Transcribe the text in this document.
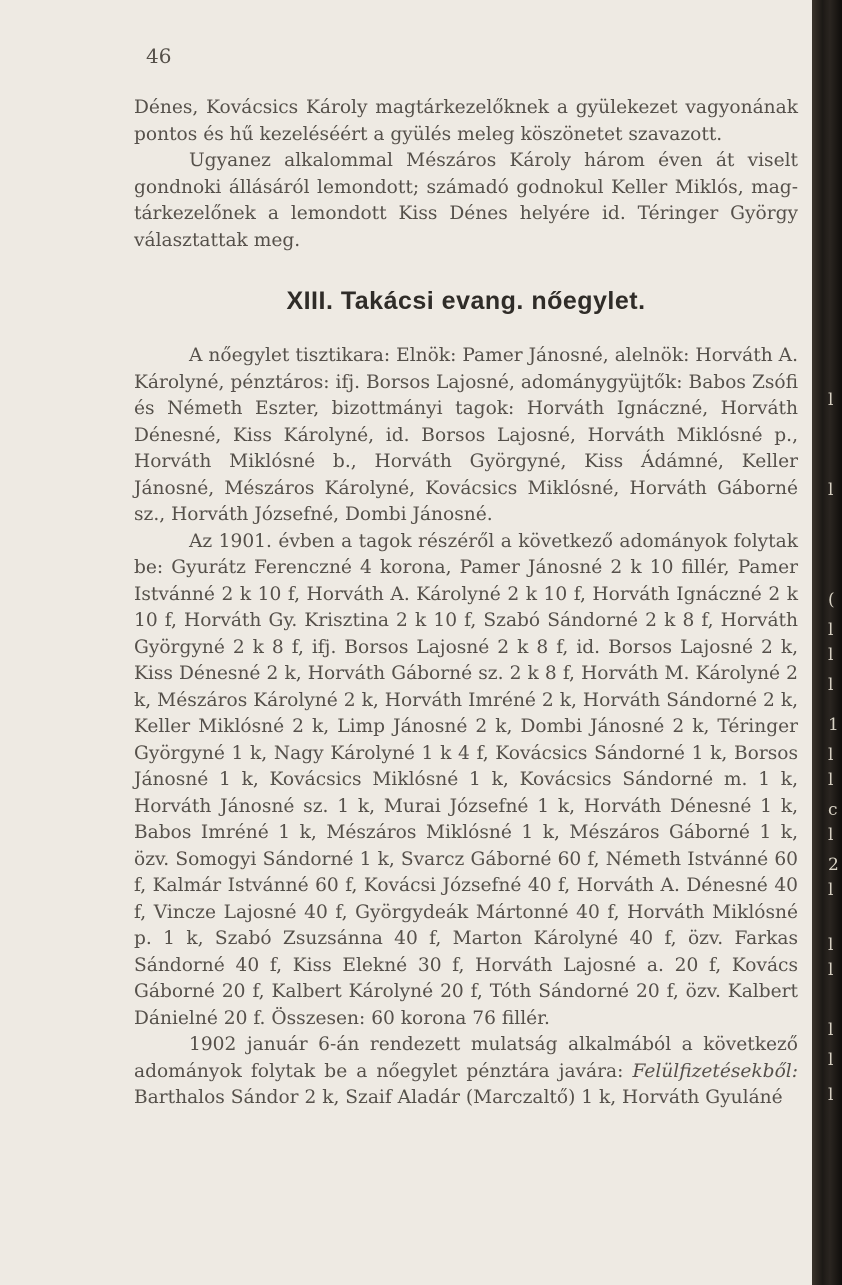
46

Dénes, Kovácsics Károly magtárkezelőknek a gyülekezet vagyonának pontos és hű kezeléséért a gyülés meleg köszönetet szavazott.

Ugyanez alkalommal Mészáros Károly három éven át viselt gondnoki állásáról lemondott; számadó godnokul Keller Miklós, magtárkezelőnek a lemondott Kiss Dénes helyére id. Téringer György választattak meg.

XIII. Takácsi evang. nőegylet.

A nőegylet tisztikara: Elnök: Pamer Jánosné, alelnök: Horváth A. Károlyné, pénztáros: ifj. Borsos Lajosné, adománygyüjtők: Babos Zsófi és Németh Eszter, bizottmányi tagok: Horváth Ignáczné, Horváth Dénesné, Kiss Károlyné, id. Borsos Lajosné, Horváth Miklósné p., Horváth Miklósné b., Horváth Györgyné, Kiss Ádámné, Keller Jánosné, Mészáros Károlyné, Kovácsics Miklósné, Horváth Gáborné sz., Horváth Józsefné, Dombi Jánosné.

Az 1901. évben a tagok részéről a következő adományok folytak be: Gyurátz Ferenczné 4 korona, Pamer Jánosné 2 k 10 fillér, Pamer Istvánné 2 k 10 f, Horváth A. Károlyné 2 k 10 f, Horváth Ignáczné 2 k 10 f, Horváth Gy. Krisztina 2 k 10 f, Szabó Sándorné 2 k 8 f, Horváth Györgyné 2 k 8 f, ifj. Borsos Lajosné 2 k 8 f, id. Borsos Lajosné 2 k, Kiss Dénesné 2 k, Horváth Gáborné sz. 2 k 8 f, Horváth M. Károlyné 2 k, Mészáros Károlyné 2 k, Horváth Imréné 2 k, Horváth Sándorné 2 k, Keller Miklósné 2 k, Limp Jánosné 2 k, Dombi Jánosné 2 k, Téringer Györgyné 1 k, Nagy Károlyné 1 k 4 f, Kovácsics Sándorné 1 k, Borsos Jánosné 1 k, Kovácsics Miklósné 1 k, Kovácsics Sándorné m. 1 k, Horváth Jánosné sz. 1 k, Murai Józsefné 1 k, Horváth Dénesné 1 k, Babos Imréné 1 k, Mészáros Miklósné 1 k, Mészáros Gáborné 1 k, özv. Somogyi Sándorné 1 k, Svarcz Gáborné 60 f, Németh Istvánné 60 f, Kalmár Istvánné 60 f, Kovácsi Józsefné 40 f, Horváth A. Dénesné 40 f, Vincze Lajosné 40 f, Györgydeák Mártonné 40 f, Horváth Miklósné p. 1 k, Szabó Zsuzsánna 40 f, Marton Károlyné 40 f, özv. Farkas Sándorné 40 f, Kiss Elekné 30 f, Horváth Lajosné a. 20 f, Kovács Gáborné 20 f, Kalbert Károlyné 20 f, Tóth Sándorné 20 f, özv. Kalbert Dánielné 20 f. Összesen: 60 korona 76 fillér.

1902 január 6-án rendezett mulatság alkalmából a következő adományok folytak be a nőegylet pénztára javára: Felülfizetésekből: Barthalos Sándor 2 k, Szaif Aladár (Marczaltő) 1 k, Horváth Gyuláné

l
l
(
l
l
l
1
l
l
c
l
2
l
l
l
l
l
l
